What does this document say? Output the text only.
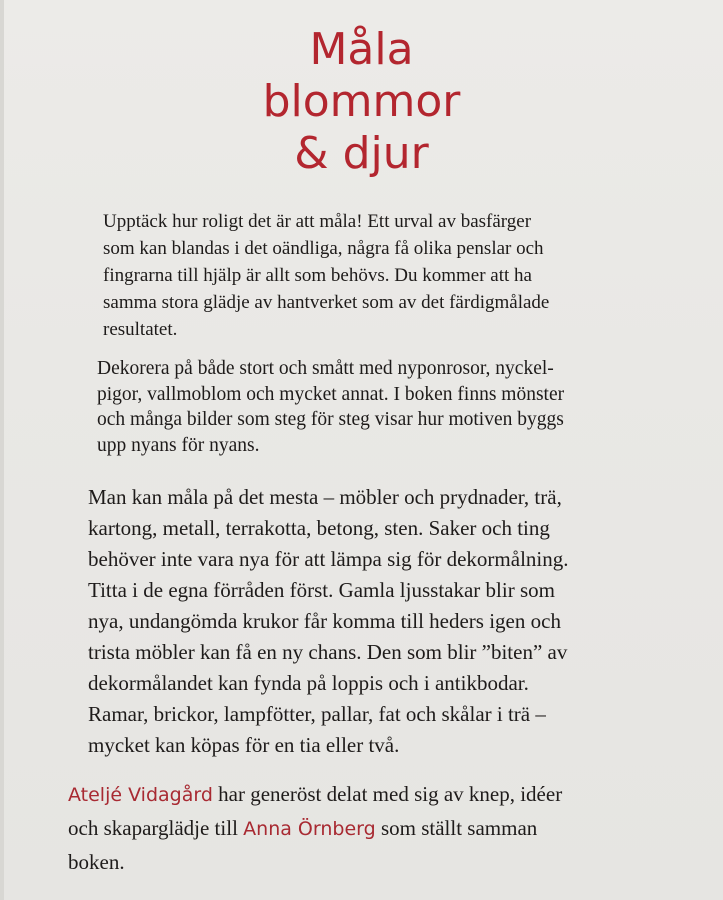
Måla
blommor
& djur

Upptäck hur roligt det är att måla! Ett urval av basfärger
som kan blandas i det oändliga, några få olika penslar och
fingrarna till hjälp är allt som behövs. Du kommer att ha
samma stora glädje av hantverket som av det färdigmålade
resultatet.

Dekorera på både stort och smått med nyponrosor, nyckel-
pigor, vallmoblom och mycket annat. I boken finns mönster
och många bilder som steg för steg visar hur motiven byggs
upp nyans för nyans.

Man kan måla på det mesta – möbler och prydnader, trä,
kartong, metall, terrakotta, betong, sten. Saker och ting
behöver inte vara nya för att lämpa sig för dekormålning.
Titta i de egna förråden först. Gamla ljusstakar blir som
nya, undangömda krukor får komma till heders igen och
trista möbler kan få en ny chans. Den som blir ”biten” av
dekormålandet kan fynda på loppis och i antikbodar.
Ramar, brickor, lampfötter, pallar, fat och skålar i trä –
mycket kan köpas för en tia eller två.

Ateljé Vidagård har generöst delat med sig av knep, idéer
och skaparglädje till Anna Örnberg som ställt samman
boken.
